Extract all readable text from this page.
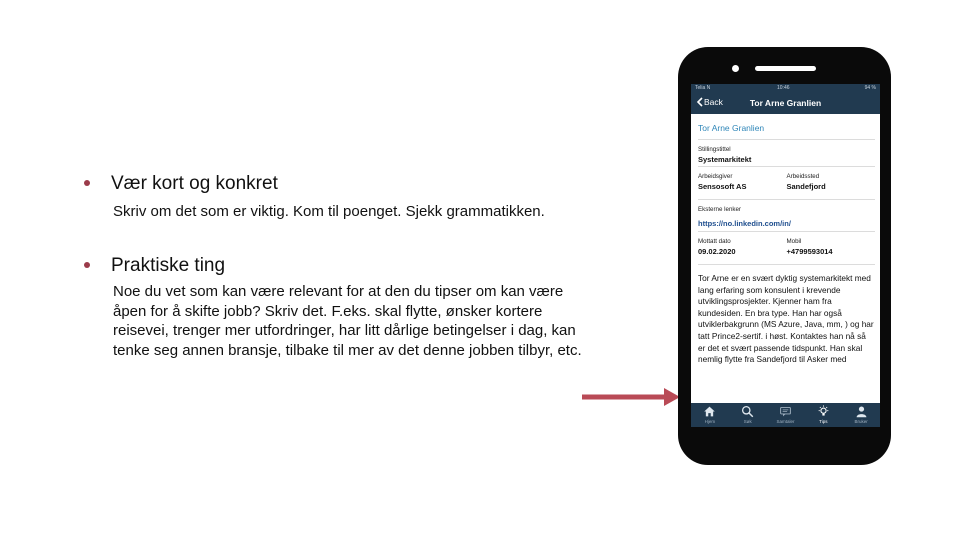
Vær kort og konkret
Skriv om det som er viktig. Kom til poenget. Sjekk grammatikken.
Praktiske ting
Noe du vet som kan være relevant for at den du tipser om kan være åpen for å skifte jobb? Skriv det. F.eks. skal flytte, ønsker kortere reisevei, trenger mer utfordringer, har litt dårlige betingelser i dag, kan tenke seg annen bransje, tilbake til mer av det denne jobben tilbyr, etc.
Telia N	10:46	94 %
Back	Tor Arne Granlien
Tor Arne Granlien
Stillingstittel
Systemarkitekt
Arbeidsgiver
Sensosoft AS
Arbeidssted
Sandefjord
Eksterne lenker
https://no.linkedin.com/in/
Mottatt dato
09.02.2020
Mobil
+4799593014
Tor Arne er en svært dyktig systemarkitekt med lang erfaring som konsulent i krevende utviklingsprosjekter. Kjenner ham fra kundesiden. En bra type. Han har også utviklerbakgrunn (MS Azure, Java, mm, ) og har tatt Prince2-sertif. i høst. Kontaktes han nå så er det et svært passende tidspunkt. Han skal nemlig flytte fra Sandefjord til Asker med
Hjem	Søk	Samtaler	Tips	Bruker
